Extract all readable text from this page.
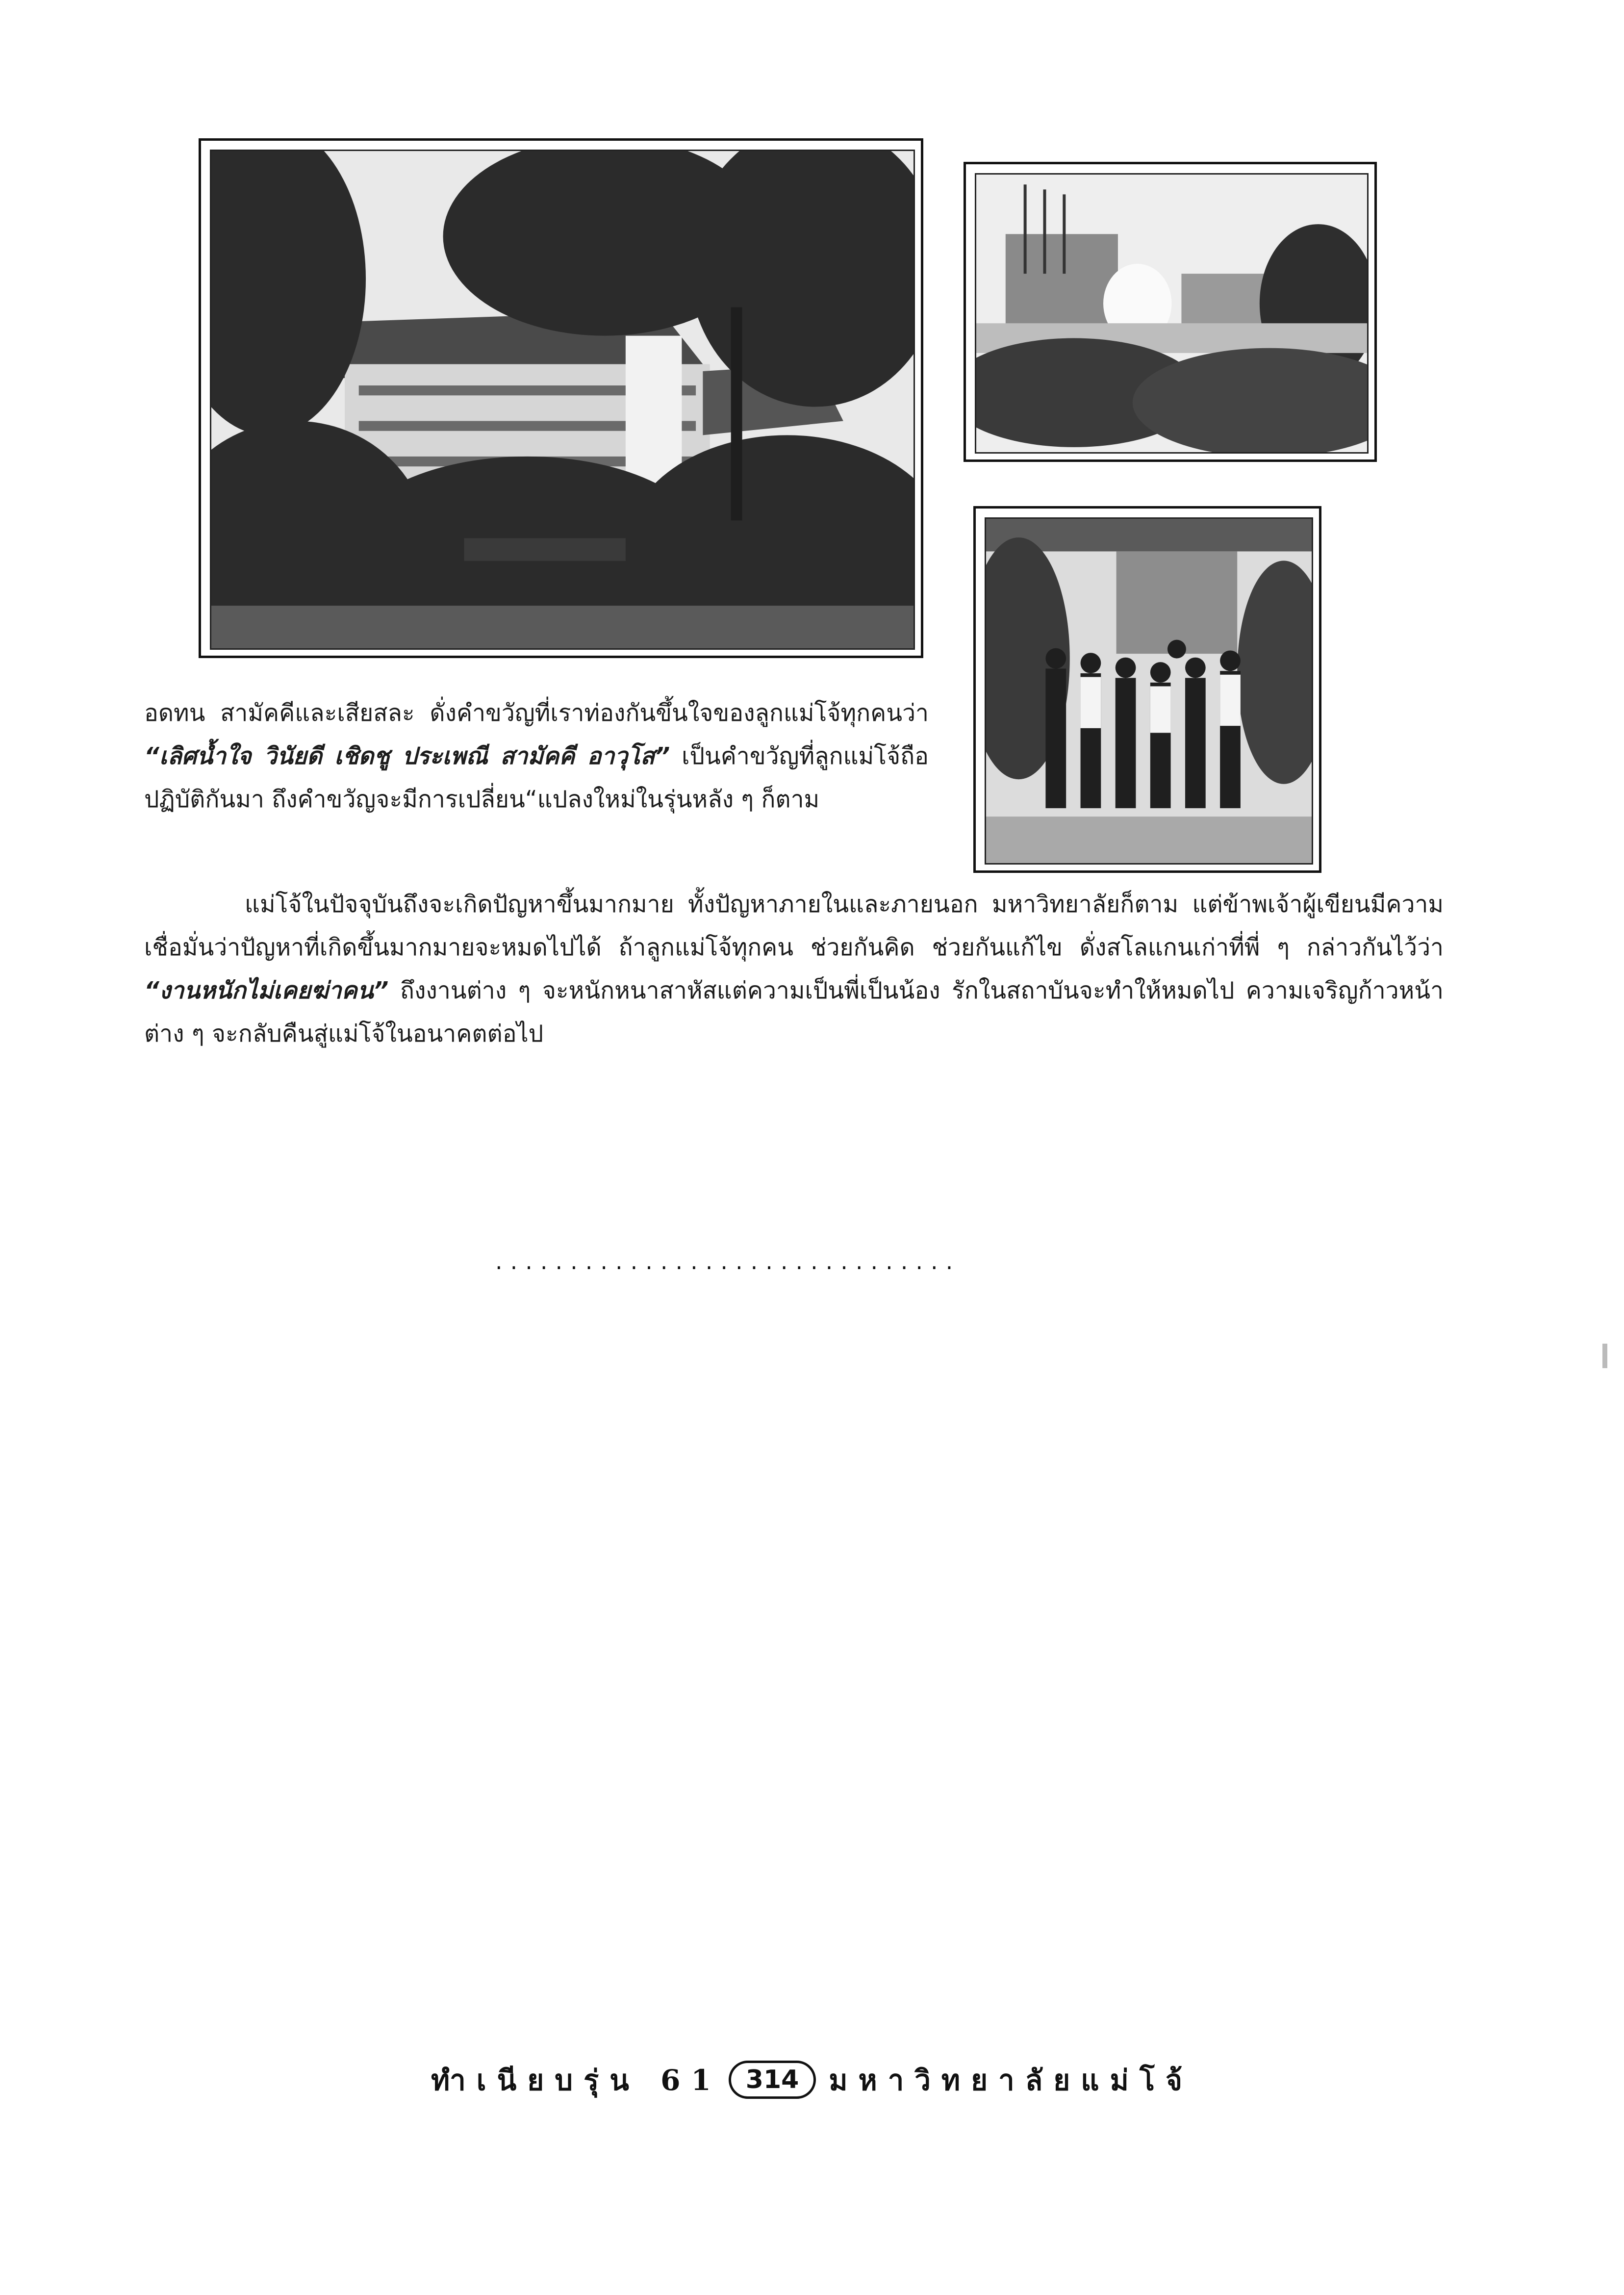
อดทน สามัคคีและเสียสละ ดั่งคำขวัญที่เราท่องกันขึ้นใจของลูกแม่โจ้ทุกคนว่า “เลิศน้ำใจ วินัยดี เชิดชู ประเพณี สามัคคี อาวุโส” เป็นคำขวัญที่ลูกแม่โจ้ถือปฏิบัติกันมา ถึงคำขวัญจะมีการเปลี่ยน“แปลงใหม่ในรุ่นหลัง ๆ ก็ตาม

แม่โจ้ในปัจจุบันถึงจะเกิดปัญหาขึ้นมากมาย ทั้งปัญหาภายในและภายนอก มหาวิทยาลัยก็ตาม แต่ข้าพเจ้าผู้เขียนมีความเชื่อมั่นว่าปัญหาที่เกิดขึ้นมากมายจะหมดไปได้ ถ้าลูกแม่โจ้ทุกคน ช่วยกันคิด ช่วยกันแก้ไข ดั่งสโลแกนเก่าที่พี่ ๆ กล่าวกันไว้ว่า “งานหนักไม่เคยฆ่าคน” ถึงงานต่าง ๆ จะหนักหนาสาหัสแต่ความเป็นพี่เป็นน้อง รักในสถาบันจะทำให้หมดไป ความเจริญก้าวหน้าต่าง ๆ จะกลับคืนสู่แม่โจ้ในอนาคตต่อไป

...............................
ทำเนียบรุ่น 61 314	มหาวิทยาลัยแม่โจ้
